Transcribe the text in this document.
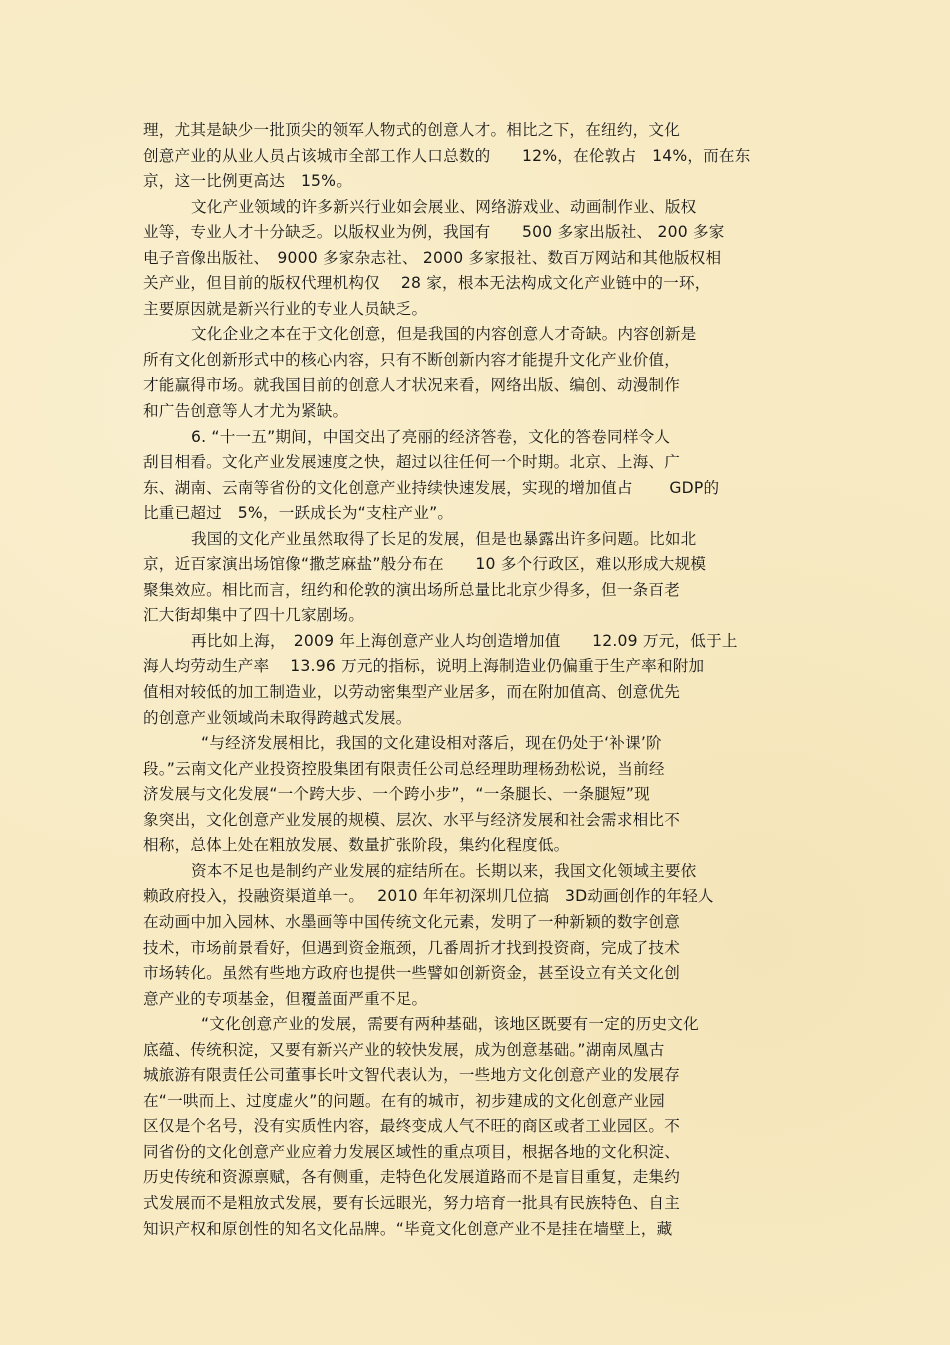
理，尤其是缺少一批顶尖的领军人物式的创意人才。相比之下，在纽约，文化
创意产业的从业人员占该城市全部工作人口总数的　　12%，在伦敦占　14%，而在东
京，这一比例更高达　15%。
文化产业领域的许多新兴行业如会展业、网络游戏业、动画制作业、版权
业等，专业人才十分缺乏。以版权业为例，我国有　　500 多家出版社、 200 多家
电子音像出版社、　9000 多家杂志社、 2000 多家报社、数百万网站和其他版权相
关产业，但目前的版权代理机构仅　 28 家，根本无法构成文化产业链中的一环，
主要原因就是新兴行业的专业人员缺乏。
文化企业之本在于文化创意，但是我国的内容创意人才奇缺。内容创新是
所有文化创新形式中的核心内容，只有不断创新内容才能提升文化产业价值，
才能赢得市场。就我国目前的创意人才状况来看，网络出版、编创、动漫制作
和广告创意等人才尤为紧缺。
6. “十一五”期间，中国交出了亮丽的经济答卷，文化的答卷同样令人
刮目相看。文化产业发展速度之快，超过以往任何一个时期。北京、上海、广
东、湖南、云南等省份的文化创意产业持续快速发展，实现的增加值占　　 GDP的
比重已超过　5%，一跃成长为“支柱产业”。
我国的文化产业虽然取得了长足的发展，但是也暴露出许多问题。比如北
京，近百家演出场馆像“撒芝麻盐”般分布在　　10 多个行政区，难以形成大规模
聚集效应。相比而言，纽约和伦敦的演出场所总量比北京少得多，但一条百老
汇大街却集中了四十几家剧场。
再比如上海，　2009 年上海创意产业人均创造增加值　　12.09 万元，低于上
海人均劳动生产率　 13.96 万元的指标，说明上海制造业仍偏重于生产率和附加
值相对较低的加工制造业，以劳动密集型产业居多，而在附加值高、创意优先
的创意产业领域尚未取得跨越式发展。
“与经济发展相比，我国的文化建设相对落后，现在仍处于‘补课’阶
段。”云南文化产业投资控股集团有限责任公司总经理助理杨劲松说，当前经
济发展与文化发展“一个跨大步、一个跨小步”，“一条腿长、一条腿短”现
象突出，文化创意产业发展的规模、层次、水平与经济发展和社会需求相比不
相称，总体上处在粗放发展、数量扩张阶段，集约化程度低。
资本不足也是制约产业发展的症结所在。长期以来，我国文化领域主要依
赖政府投入，投融资渠道单一。　 2010 年年初深圳几位搞　3D动画创作的年轻人
在动画中加入园林、水墨画等中国传统文化元素，发明了一种新颖的数字创意
技术，市场前景看好，但遇到资金瓶颈，几番周折才找到投资商，完成了技术
市场转化。虽然有些地方政府也提供一些譬如创新资金，甚至设立有关文化创
意产业的专项基金，但覆盖面严重不足。
“文化创意产业的发展，需要有两种基础，该地区既要有一定的历史文化
底蕴、传统积淀，又要有新兴产业的较快发展，成为创意基础。”湖南凤凰古
城旅游有限责任公司董事长叶文智代表认为，一些地方文化创意产业的发展存
在“一哄而上、过度虚火”的问题。在有的城市，初步建成的文化创意产业园
区仅是个名号，没有实质性内容，最终变成人气不旺的商区或者工业园区。不
同省份的文化创意产业应着力发展区域性的重点项目，根据各地的文化积淀、
历史传统和资源禀赋，各有侧重，走特色化发展道路而不是盲目重复，走集约
式发展而不是粗放式发展，要有长远眼光，努力培育一批具有民族特色、自主
知识产权和原创性的知名文化品牌。“毕竟文化创意产业不是挂在墙壁上，藏
